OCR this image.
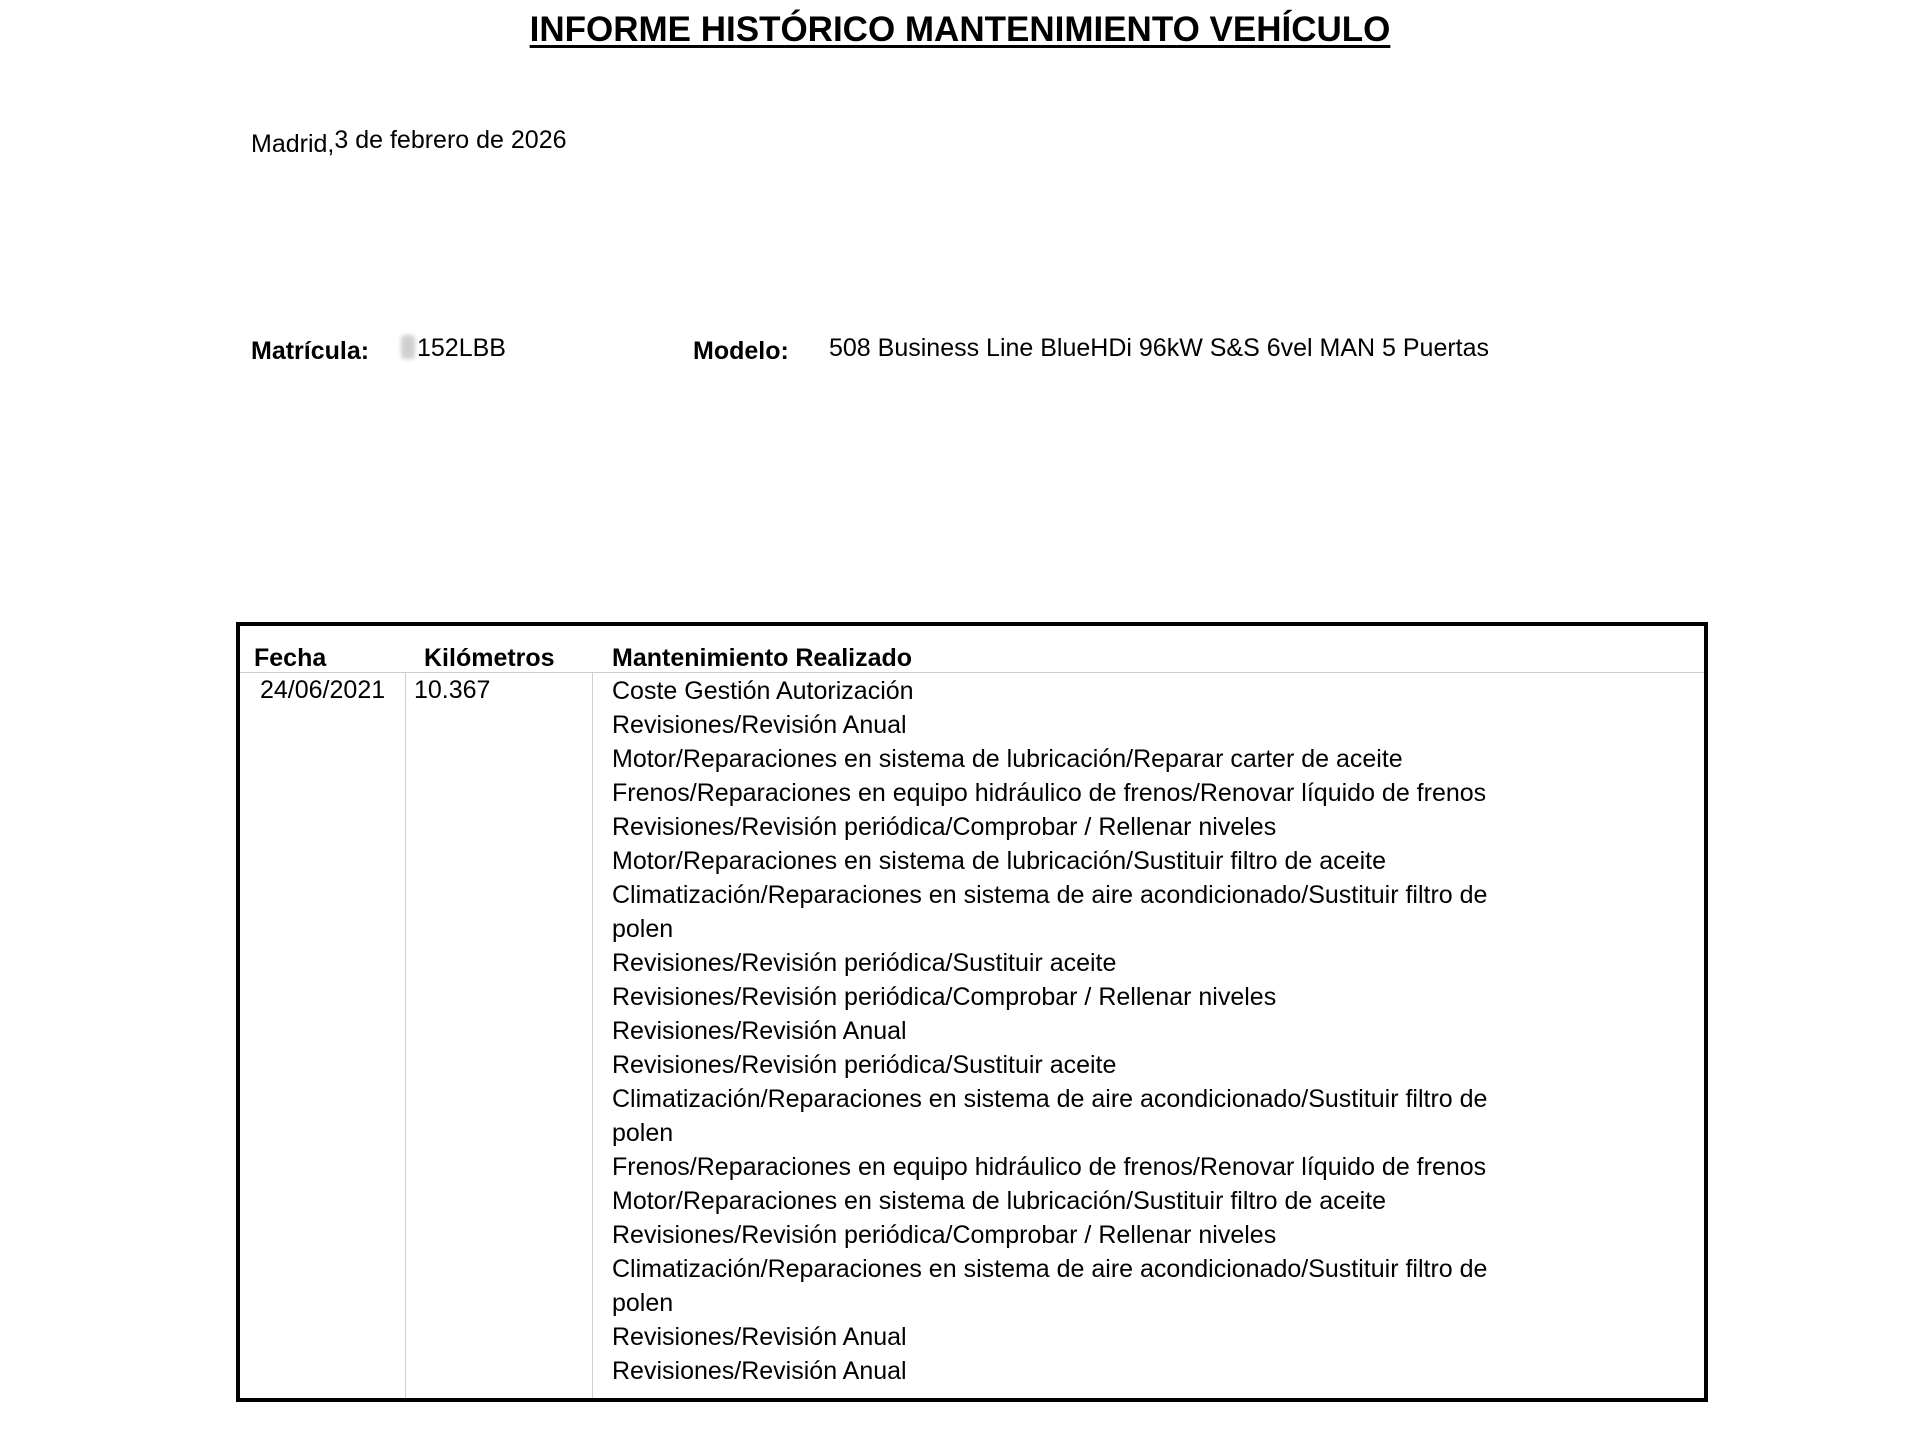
INFORME HISTÓRICO MANTENIMIENTO VEHÍCULO
Madrid,3 de febrero de 2026
Matrícula:	152LBB	Modelo: 508 Business Line BlueHDi 96kW S&S 6vel MAN 5 Puertas
Fecha	Kilómetros Mantenimiento Realizado
24/06/2021 10.367	Coste Gestión Autorización
Revisiones/Revisión Anual
Motor/Reparaciones en sistema de lubricación/Reparar carter de aceite
Frenos/Reparaciones en equipo hidráulico de frenos/Renovar líquido de frenos
Revisiones/Revisión periódica/Comprobar / Rellenar niveles
Motor/Reparaciones en sistema de lubricación/Sustituir filtro de aceite
Climatización/Reparaciones en sistema de aire acondicionado/Sustituir filtro de polen
Revisiones/Revisión periódica/Sustituir aceite
Revisiones/Revisión periódica/Comprobar / Rellenar niveles
Revisiones/Revisión Anual
Revisiones/Revisión periódica/Sustituir aceite
Climatización/Reparaciones en sistema de aire acondicionado/Sustituir filtro de polen
Frenos/Reparaciones en equipo hidráulico de frenos/Renovar líquido de frenos
Motor/Reparaciones en sistema de lubricación/Sustituir filtro de aceite
Revisiones/Revisión periódica/Comprobar / Rellenar niveles
Climatización/Reparaciones en sistema de aire acondicionado/Sustituir filtro de polen
Revisiones/Revisión Anual
Revisiones/Revisión Anual
